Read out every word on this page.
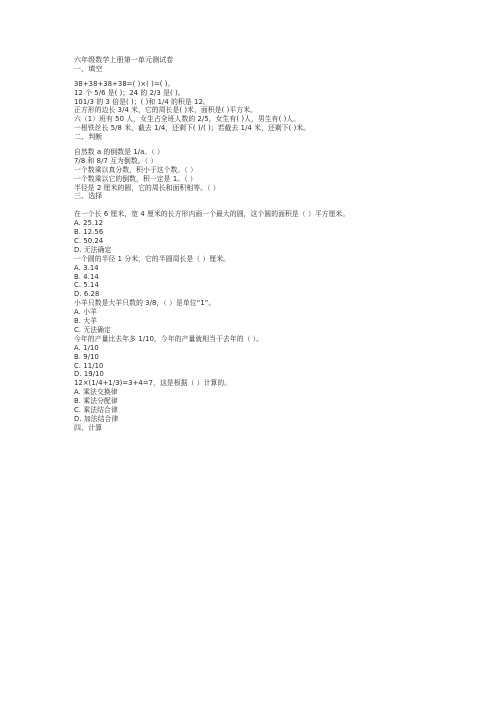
六年级数学上册第一单元测试卷
一、填空
38+38+38+38=( )×( )=( )。
12 个 5/6 是( )；24 的 2/3 是( )。
101/3 的 3 倍是( )；( )和 1/4 的积是 12。
正方形的边长 3/4 米，它的周长是( )米，面积是( )平方米。
六（1）班有 50 人，女生占全班人数的 2/5，女生有( )人，男生有( )人。
一根铁丝长 5/8 米，截去 1/4，还剩下( )/( )；若截去 1/4 米，还剩下( )米。
二、判断
自然数 a 的倒数是 1/a。（ ）
7/8 和 8/7 互为倒数。（ ）
一个数乘以真分数，积小于这个数。（ ）
一个数乘以它的倒数，积一定是 1。（ ）
半径是 2 厘米的圆，它的周长和面积相等。（ ）
三、选择
在一个长 6 厘米，宽 4 厘米的长方形内画一个最大的圆，这个圆的面积是（ ）平方厘米。
A. 25.12
B. 12.56
C. 50.24
D. 无法确定
一个圆的半径 1 分米，它的半圆周长是（ ）厘米。
A. 3.14
B. 4.14
C. 5.14
D. 6.28
小羊只数是大羊只数的 3/8，（ ）是单位“1”。
A. 小羊
B. 大羊
C. 无法确定
今年的产量比去年多 1/10，今年的产量就相当于去年的（ ）。
A. 1/10
B. 9/10
C. 11/10
D. 19/10
12×(1/4+1/3)=3+4=7，这是根据（ ）计算的。
A. 乘法交换律
B. 乘法分配律
C. 乘法结合律
D. 加法结合律
四、计算
